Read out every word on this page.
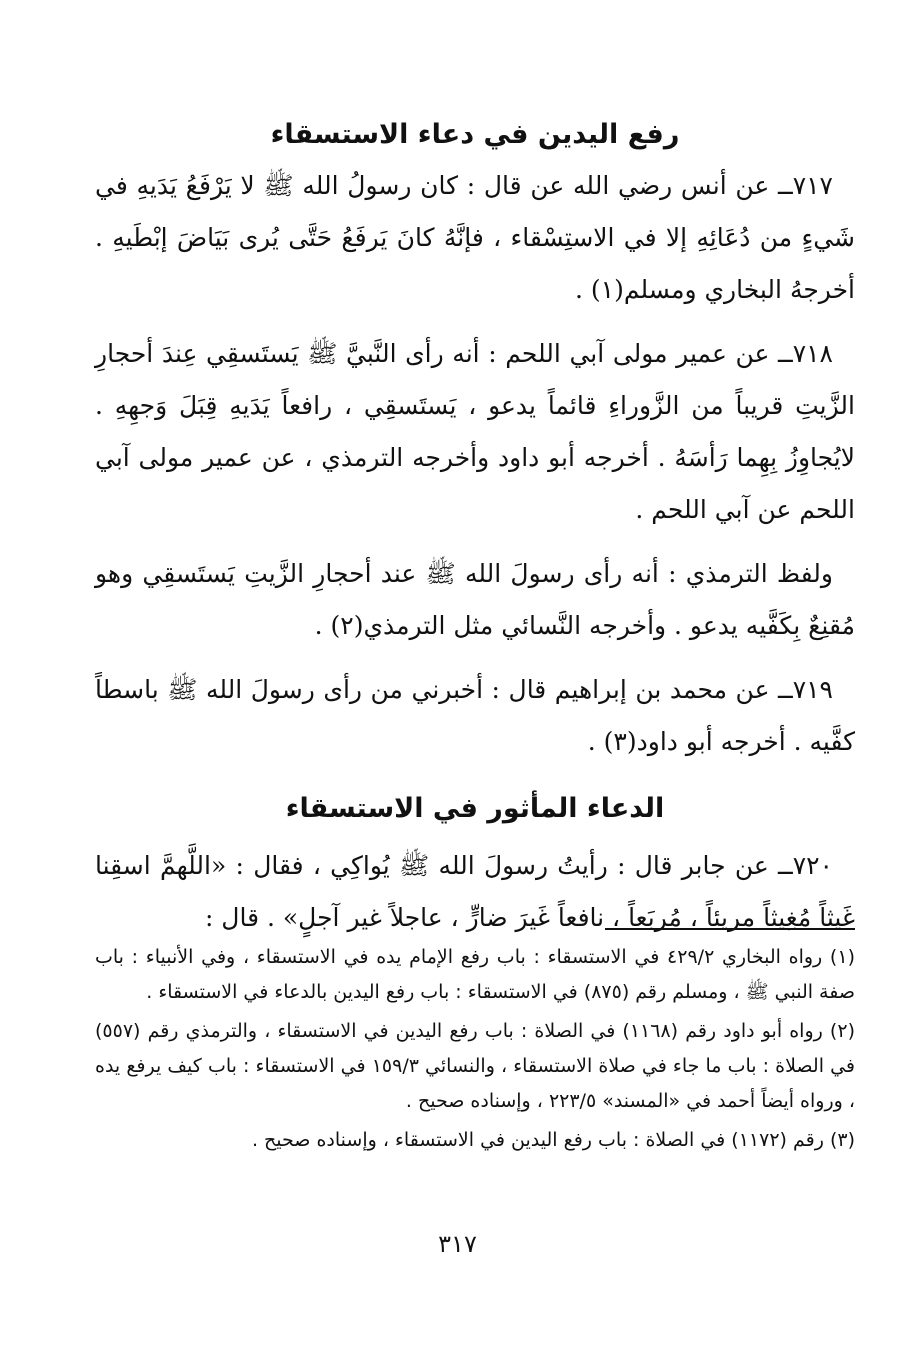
رفع اليدين في دعاء الاستسقاء

٧١٧ــ عن أنس رضي الله عن قال : كان رسولُ الله ﷺ لا يَرْفَعُ يَدَيهِ في شَيءٍ من دُعَائِهِ إلا في الاستِسْقاء ، فإنَّهُ كانَ يَرفَعُ حَتَّى يُرى بَيَاضَ إبْطَيهِ . أخرجهُ البخاري ومسلم(١) .

٧١٨ــ عن عمير مولى آبي اللحم : أنه رأى النَّبيَّ ﷺ يَستَسقِي عِندَ أحجارِ الزَّيتِ قريباً من الزَّوراءِ قائماً يدعو ، يَستَسقِي ، رافعاً يَدَيهِ قِبَلَ وَجهِهِ . لايُجاوِزُ بِهِما رَأسَهُ . أخرجه أبو داود وأخرجه الترمذي ، عن عمير مولى آبي اللحم عن آبي اللحم .

ولفظ الترمذي : أنه رأى رسولَ الله ﷺ عند أحجارِ الزَّيتِ يَستَسقِي وهو مُقنِعٌ بِكَفَّيه يدعو . وأخرجه النَّسائي مثل الترمذي(٢) .

٧١٩ــ عن محمد بن إبراهيم قال : أخبرني من رأى رسولَ الله ﷺ باسطاً كفَّيه . أخرجه أبو داود(٣) .

الدعاء المأثور في الاستسقاء

٧٢٠ــ عن جابر قال : رأيتُ رسولَ الله ﷺ يُواكِي ، فقال : «اللَّهمَّ اسقِنا غَيثاً مُغِيثاً مريئاً ، مُربَعاً ، نافعاً غَيرَ ضارٍّ ، عاجلاً غير آجلٍ» . قال :

(١) رواه البخاري ٤٢٩/٢ في الاستسقاء : باب رفع الإمام يده في الاستسقاء ، وفي الأنبياء : باب صفة النبي ﷺ ، ومسلم رقم (٨٧٥) في الاستسقاء : باب رفع اليدين بالدعاء في الاستسقاء .

(٢) رواه أبو داود رقم (١١٦٨) في الصلاة : باب رفع اليدين في الاستسقاء ، والترمذي رقم (٥٥٧) في الصلاة : باب ما جاء في صلاة الاستسقاء ، والنسائي ١٥٩/٣ في الاستسقاء : باب كيف يرفع يده ، ورواه أيضاً أحمد في «المسند» ٢٢٣/٥ ، وإسناده صحيح .

(٣) رقم (١١٧٢) في الصلاة : باب رفع اليدين في الاستسقاء ، وإسناده صحيح .

٣١٧
